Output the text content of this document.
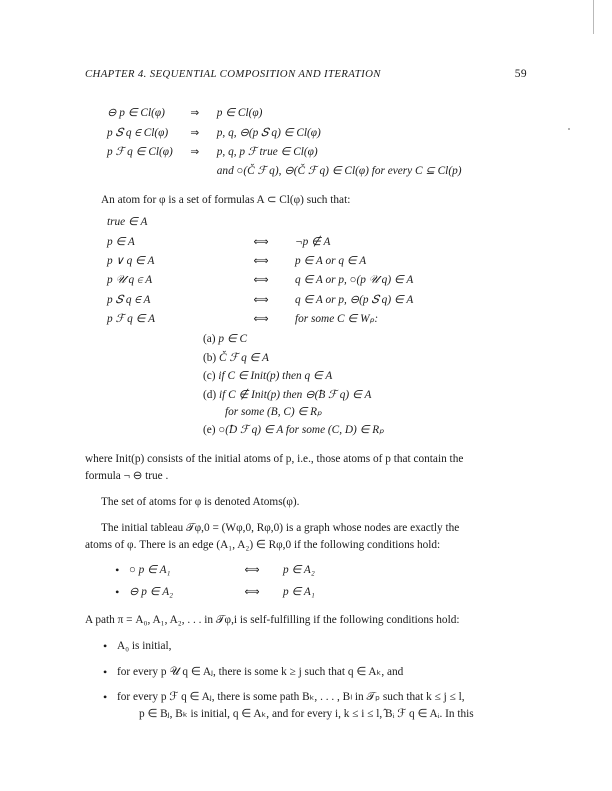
CHAPTER 4. SEQUENTIAL COMPOSITION AND ITERATION	59
⊖ p ∈ Cl(φ)	⇒	p ∈ Cl(φ)
p 𝑆 q ∈ Cl(φ)	⇒	p, q, ⊖(p 𝑆 q) ∈ Cl(φ)
p ℱ q ∈ Cl(φ)	⇒	p, q, p ℱ true ∈ Cl(φ)
		and ○(Č ℱ q), ⊖(Č ℱ q) ∈ Cl(φ) for every C ⊆ Cl(p)

An atom for φ is a set of formulas A ⊂ Cl(φ) such that:

true ∈ A		
p ∈ A	⟺	¬p ∉ A
p ∨ q ∈ A	⟺	p ∈ A or q ∈ A
p 𝒰 q ∈ A	⟺	q ∈ A or p, ○(p 𝒰 q) ∈ A
p 𝑆 q ∈ A	⟺	q ∈ A or p, ⊖(p 𝑆 q) ∈ A
p ℱ q ∈ A	⟺	for some C ∈ Wₚ:
(a) p ∈ C
(b) Č ℱ q ∈ A
(c) if C ∈ Init(p) then q ∈ A
(d) if C ∉ Init(p) then ⊖(̂B ℱ q) ∈ A
for some (B, C) ∈ Rₚ
(e) ○(̂D ℱ q) ∈ A for some (C, D) ∈ Rₚ

where Init(p) consists of the initial atoms of p, i.e., those atoms of p that contain the
formula ¬ ⊖ true .

The set of atoms for φ is denoted Atoms(φ).

The initial tableau 𝒯φ,0 = (Wφ,0, Rφ,0) is a graph whose nodes are exactly the
atoms of φ. There is an edge (A₁, A₂) ∈ Rφ,0 if the following conditions hold:

• ○ p ∈ A₁	⟺ p ∈ A₂
• ⊖ p ∈ A₂	⟺ p ∈ A₁

A path π = A₀, A₁, A₂, . . . in 𝒯φ,i is self-fulfilling if the following conditions hold:

• A₀ is initial,
• for every p 𝒰 q ∈ Aⱼ, there is some k ≥ j such that q ∈ Aₖ, and
• for every p ℱ q ∈ Aⱼ, there is some path Bₖ, . . . , Bₗ in 𝒯ₚ such that k ≤ j ≤ l,
p ∈ Bⱼ, Bₖ is initial, q ∈ Aₖ, and for every i, k ≤ i ≤ l, ̂Bᵢ ℱ q ∈ Aᵢ. In this
